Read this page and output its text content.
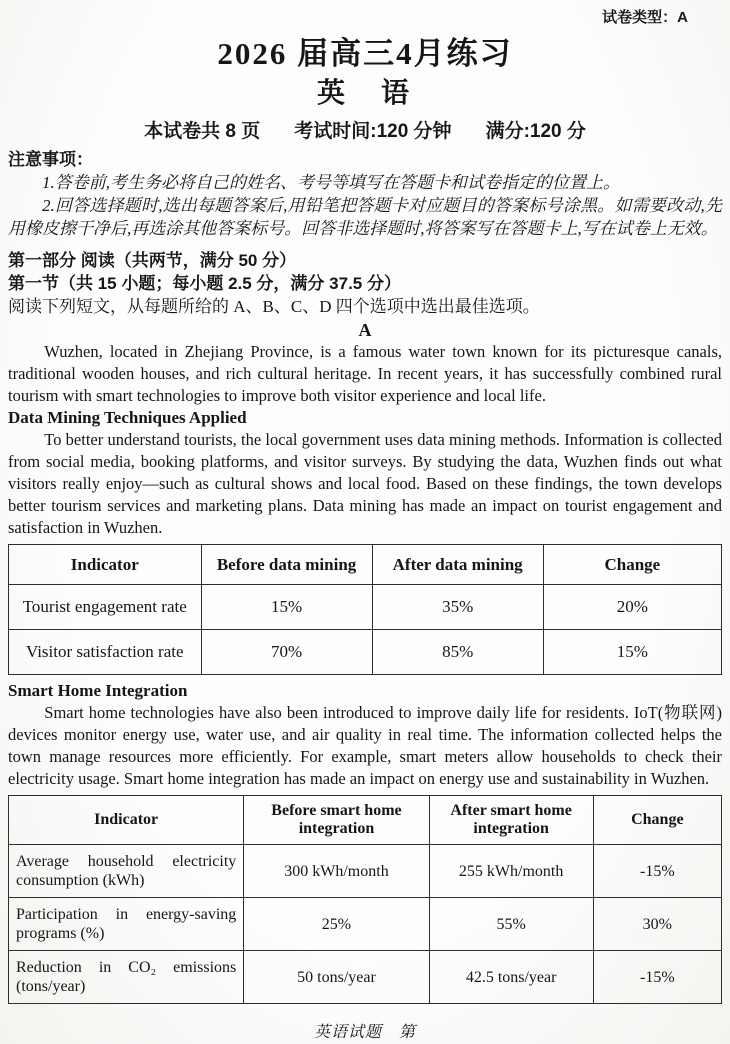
试卷类型：A
2026 届高三4月练习
英　语
本试卷共 8 页 考试时间:120 分钟 满分:120 分
注意事项：

1.答卷前,考生务必将自己的姓名、考号等填写在答题卡和试卷指定的位置上。

2.回答选择题时,选出每题答案后,用铅笔把答题卡对应题目的答案标号涂黑。如需要改动,先用橡皮擦干净后,再选涂其他答案标号。回答非选择题时,将答案写在答题卡上,写在试卷上无效。

第一部分 阅读（共两节，满分 50 分）
第一节（共 15 小题；每小题 2.5 分，满分 37.5 分）
阅读下列短文，从每题所给的 A、B、C、D 四个选项中选出最佳选项。
A

Wuzhen, located in Zhejiang Province, is a famous water town known for its picturesque canals, traditional wooden houses, and rich cultural heritage. In recent years, it has successfully combined rural tourism with smart technologies to improve both visitor experience and local life.

Data Mining Techniques Applied

To better understand tourists, the local government uses data mining methods. Information is collected from social media, booking platforms, and visitor surveys. By studying the data, Wuzhen finds out what visitors really enjoy—such as cultural shows and local food. Based on these findings, the town develops better tourism services and marketing plans. Data mining has made an impact on tourist engagement and satisfaction in Wuzhen.

Indicator	Before data mining	After data mining	Change
Tourist engagement rate	15%	35%	20%
Visitor satisfaction rate	70%	85%	15%

Smart Home Integration

Smart home technologies have also been introduced to improve daily life for residents. IoT(物联网) devices monitor energy use, water use, and air quality in real time. The information collected helps the town manage resources more efficiently. For example, smart meters allow households to check their electricity usage. Smart home integration has made an impact on energy use and sustainability in Wuzhen.

Indicator	Before smart home integration	After smart home integration	Change
Average household electricity consumption (kWh)	300 kWh/month	255 kWh/month	-15%
Participation in energy-saving programs (%)	25%	55%	30%
Reduction in CO₂ emissions (tons/year)	50 tons/year	42.5 tons/year	-15%
英语试题　第
